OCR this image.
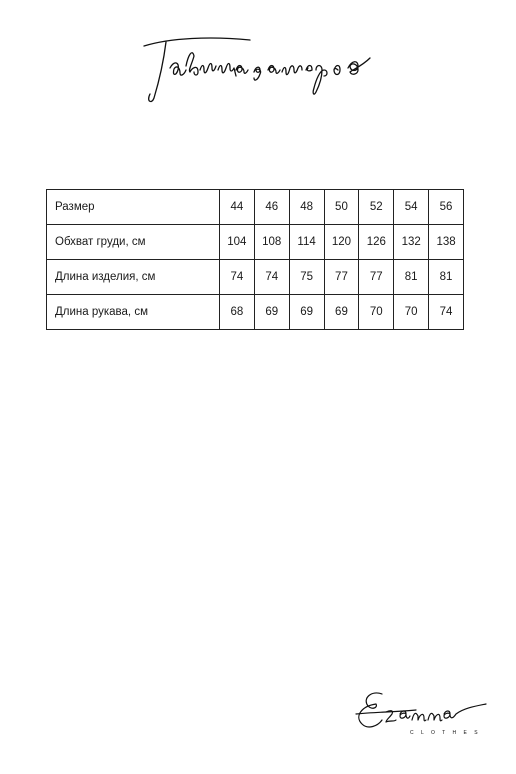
Размер	44	46	48	50	52	54	56
Обхват груди, см	104	108	114	120	126	132	138
Длина изделия, см	74	74	75	77	77	81	81
Длина рукава, см	68	69	69	69	70	70	74
C L O T H E S
